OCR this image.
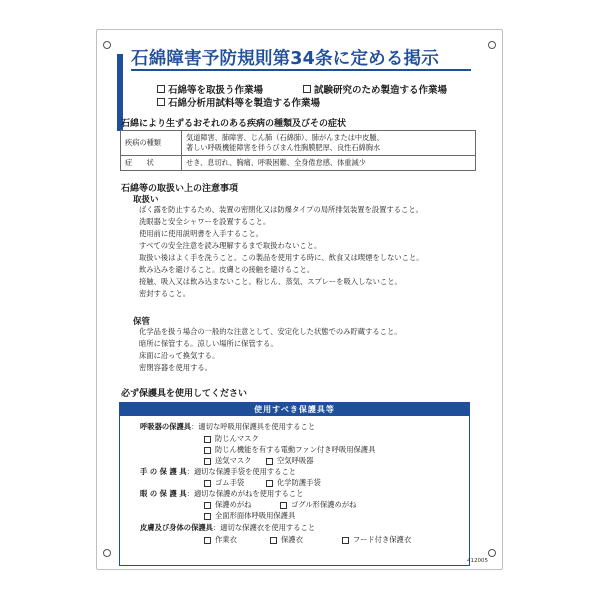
石綿障害予防規則第34条に定める掲示
石綿等を取扱う作業場	試験研究のため製造する作業場
石綿分析用試料等を製造する作業場
石綿により生ずるおそれのある疾病の種類及びその症状
疾病の種類	気道障害、肺障害、じん肺（石綿肺）、肺がんまたは中皮腫、
著しい呼吸機能障害を伴うびまん性胸膜肥厚、良性石綿胸水

症　　状	せき、息切れ、胸痛、呼吸困難、全身倦怠感、体重減少
石綿等の取扱い上の注意事項
取扱い
ばく露を防止するため、装置の密閉化又は防爆タイプの局所排気装置を設置すること。
洗眼器と安全シャワーを設置すること。
使用前に使用説明書を入手すること。
すべての安全注意を読み理解するまで取扱わないこと。
取扱い後はよく手を洗うこと。この製品を使用する時に、飲食又は喫煙をしないこと。
飲み込みを避けること。皮膚との接触を避けること。
接触、吸入又は飲み込まないこと。粉じん、蒸気、スプレーを吸入しないこと。
密封すること。
保管
化学品を扱う場合の一般的な注意として、安定化した状態でのみ貯蔵すること。
暗所に保管する。涼しい場所に保管する。
床面に沿って換気する。
密閉容器を使用する。
必ず保護具を使用してください
使用すべき保護具等
呼吸器の保護具 ：適切な呼吸用保護具を使用すること
防じんマスク
防じん機能を有する電動ファン付き呼吸用保護具
送気マスク	空気呼吸器
手 の 保 護 具 ：適切な保護手袋を使用すること
ゴム手袋	化学防護手袋
眼 の 保 護 具 ：適切な保護めがねを使用すること
保護めがね	ゴグル形保護めがね
全面形面体呼吸用保護具
皮膚及び身体の保護具 ：適切な保護衣を使用すること
作業衣	保護衣	フード付き保護衣
412005
